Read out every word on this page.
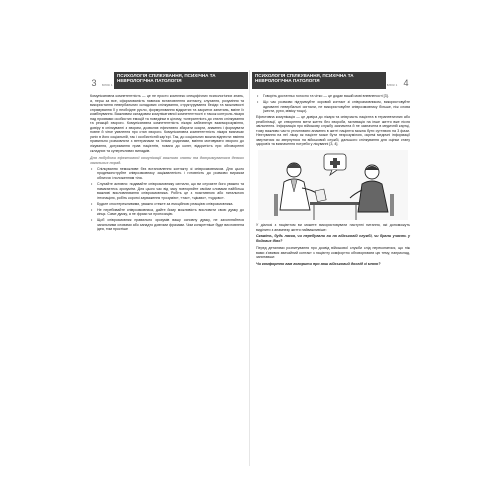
3	БЛОК 1
ПСИХОЛОГІЯ СПІЛКУВАННЯ, ПСИХІЧНА ТА НЕВРОЛОГІЧНА ПАТОЛОГІЯ

Комунікативна компетентність — це не просто комплекс специфічних психологічних знань, а, перш за все, сформованість навичок встановлення контакту, слухання, розуміння та використання невербальних складових спілкування, структурування бесіди та можливості спрямування її у необхідне русло, формулювання відкритих та закритих запитань, вміле їх комбінування. Важливим складовим комунікативної компетентності є також контроль лікаря над проявами особистих емоцій та поведінки в цілому, толерантність до стилю спілкування та реакцій хворого. Комунікативна компетентність лікаря забезпечує взаєморозуміння, довіру в спілкуванні з хворим, дозволяє ефективно збирати скарги, анамнез і формувати повне й чітке уявлення про стан хворого. Комунікативна компетентність лікаря визначає успіх в його соціальній, так і особистісній кар'єрі. Так, до соціальних можна віднести: вміння правильно розмовляти з ветеранами та їхніми родинами, вміння мотивувати хворого до лікування, дотримання прав пацієнтів, повага до колег, відкритість при обговоренні складних та суперечливих випадків.

Для побудови ефективної комунікації важливо знати та дотримуватися деяких загальних порад.
• Спілкування неможливе без встановлення контакту зі співрозмовником. Для цього продемонструйте співрозмовнику зацікавленість і готовність до розмови виразом обличчя і положенням тіла.
• Слухайте активно: подавайте співрозмовнику сигнали, що ви слухаєте його уважно та намагаєтесь зрозуміти. Для цього час від часу повторюйте своїми словами найбільш важливі висловлювання співрозмовника. Робіть це з позитивною або питальною інтонацією, робіть короткі зауваження «розумію», «так», «цікаво», «чудово».
• Будьте спостережливими, уважно стежте за емоційною реакцією співрозмовника.
• Не перебивайте співрозмовника, дайте йому можливість висловити свою думку до кінця. Саме думку, а не фрази чи пропозицію.
• Щоб співрозмовник правильно зрозумів вашу основну думку, не захоплюйтеся загальними словами або занадто довгими фразами. Чим конкретніше буде висловлена ідея, тим простіше
ПСИХОЛОГІЯ СПІЛКУВАННЯ, ПСИХІЧНА ТА НЕВРОЛОГІЧНА ПАТОЛОГІЯ
БЛОК 1 4
• Говоріть достатньо голосно та чітко — це додає вашій мові впевненості [3].
• Що час розмови підтримуйте зоровий контакт зі співрозмовником, використовуйте адекватні невербальні сигнали, не використовуйте співрозмовнику більше, ніж слова (жести, рухи, міміку тощо).

Ефективна комунікація — це довіра до лікаря та співучасть пацієнта в терапевтичних або реабілітації, це створення мети життя без хвороби, мотивація на інше життя вже після звільнення. Інформація про військову службу зазначена й не зазначена в медичній картці, тому важливо часто уточнювати анамнез в житті пацієнта можна бути суттєвою на 3 фази. Нехтування на неї лікар як пацієнт може бути незрозумілою, окремі медичні інформації звертатися як звернутися на військовий службі, дальшого спілкування для оцінки стану здоров'я та визначення потреби у лікуванні [3, 4].

У діалозі з пацієнтом ви можете використовувати наступні питання, які допоможуть виділити з анамнезу життя найважливіше:

Скажіть, будь ласка, чи перебували ви на військовій службі, чи брали участь у бойових діях?

Перед деталями розпитування про досвід військової служби слід переконатися, що ніж вами з'явився звичайний контакт з пацієнту комфортно обговорювати цю тему, наприклад, запитавши:

Чи комфортно вам говорити про ваш військовий досвід зі мною?
